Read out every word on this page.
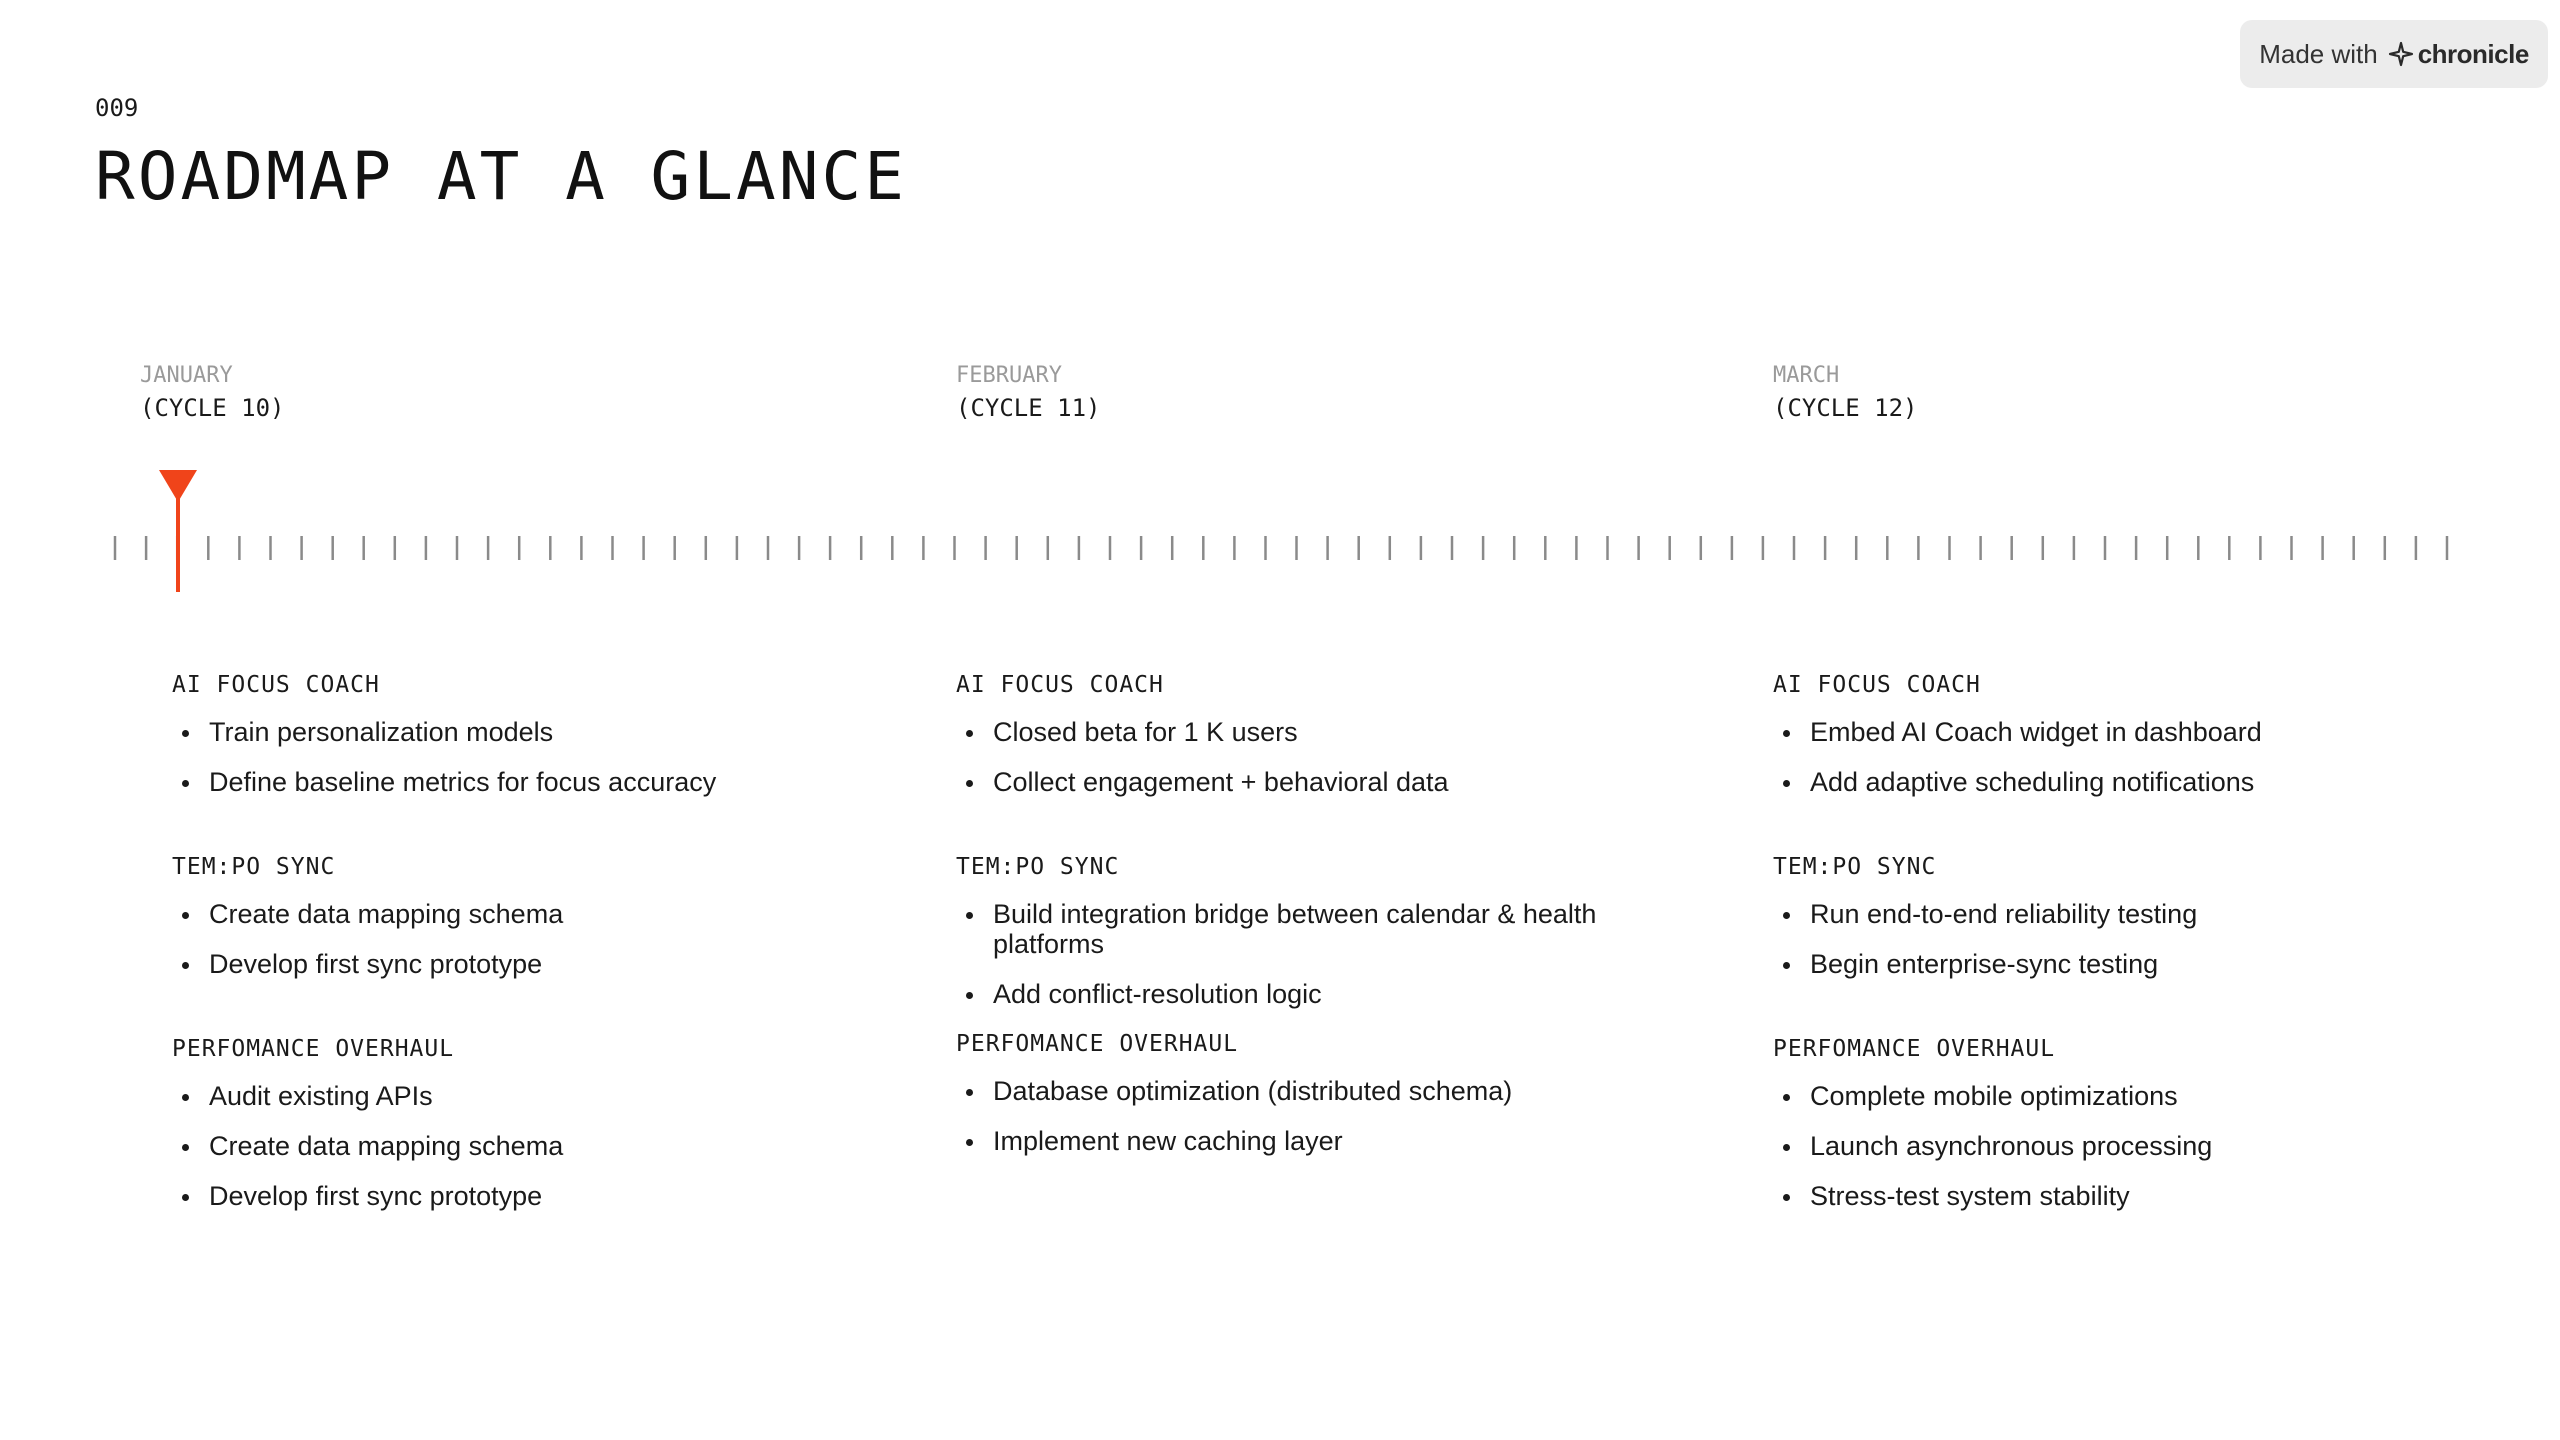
Made with chronicle
009
ROADMAP AT A GLANCE
JANUARY
(CYCLE 10)
FEBRUARY
(CYCLE 11)
MARCH
(CYCLE 12)
AI FOCUS COACH
Train personalization models
Define baseline metrics for focus accuracy
TEM:PO SYNC
Create data mapping schema
Develop first sync prototype
PERFOMANCE OVERHAUL
Audit existing APIs
Create data mapping schema
Develop first sync prototype
AI FOCUS COACH
Closed beta for 1 K users
Collect engagement + behavioral data
TEM:PO SYNC
Build integration bridge between calendar & health platforms
Add conflict-resolution logic
PERFOMANCE OVERHAUL
Database optimization (distributed schema)
Implement new caching layer
AI FOCUS COACH
Embed AI Coach widget in dashboard
Add adaptive scheduling notifications
TEM:PO SYNC
Run end-to-end reliability testing
Begin enterprise-sync testing
PERFOMANCE OVERHAUL
Complete mobile optimizations
Launch asynchronous processing
Stress-test system stability
